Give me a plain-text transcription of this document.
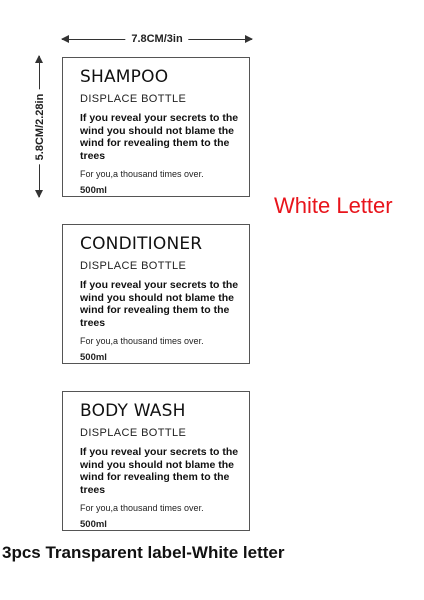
7.8CM/3in
5.8CM/2.28in
SHAMPOO
DISPLACE BOTTLE
If you reveal your secrets to the wind you should not blame the wind for revealing them to the trees
For you,a thousand times over.
500ml
CONDITIONER
DISPLACE BOTTLE
If you reveal your secrets to the wind you should not blame the wind for revealing them to the trees
For you,a thousand times over.
500ml
BODY WASH
DISPLACE BOTTLE
If you reveal your secrets to the wind you should not blame the wind for revealing them to the trees
For you,a thousand times over.
500ml
White Letter
3pcs Transparent label-White letter
